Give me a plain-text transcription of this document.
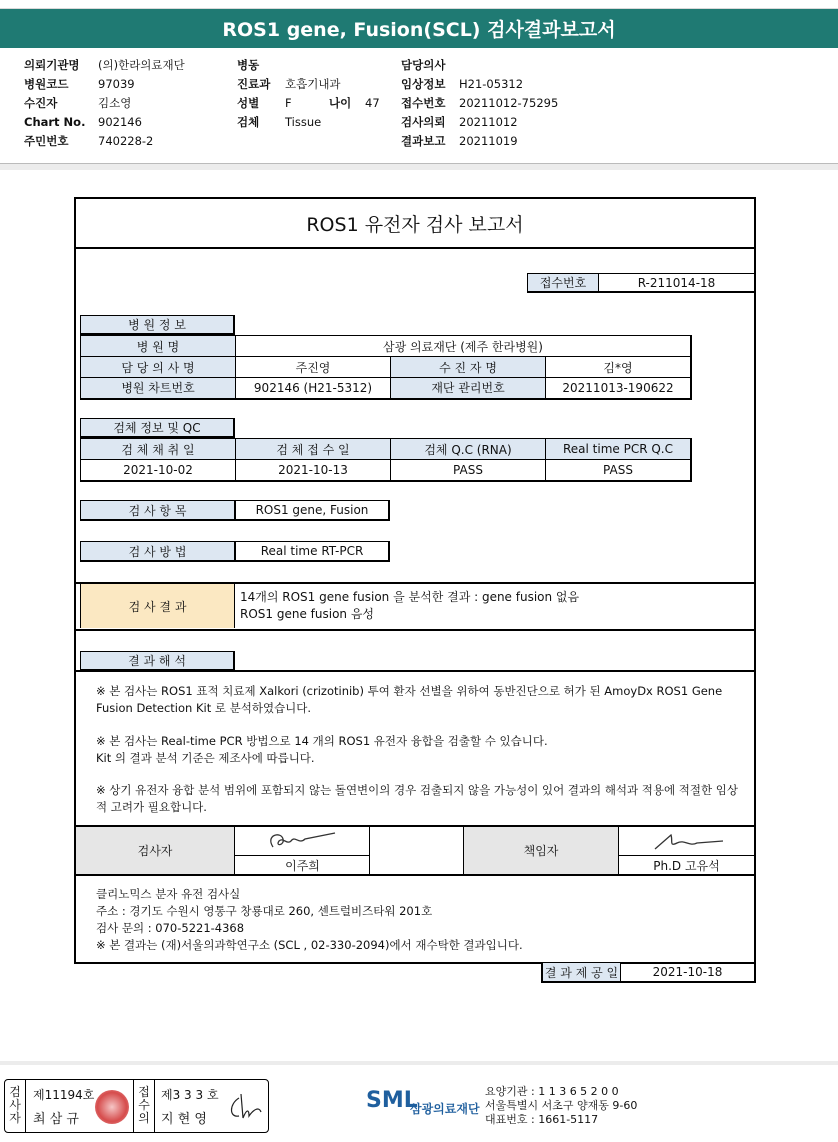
ROS1 gene, Fusion(SCL) 검사결과보고서
의뢰기관명	(의)한라의료재단
병원코드	97039
수진자	김소영
Chart No.	902146
주민번호	740228-2
병동
진료과	호흡기내과
성별	F	나이	47
검체	Tissue
담당의사
임상정보	H21-05312
접수번호	20211012-75295
검사의뢰	20211012
결과보고	20211019
ROS1 유전자 검사 보고서
접수번호	R-211014-18
병 원 정 보
병 원 명	삼광 의료재단 (제주 한라병원)		
담 당 의 사 명	주진영	수 진 자 명	김*영
병원 차트번호	902146 (H21-5312)	재단 관리번호	20211013-190622
검체 정보 및 QC
검 체 채 취 일	검 체 접 수 일	검체 Q.C (RNA)	Real time PCR Q.C
2021-10-02	2021-10-13	PASS	PASS
검 사 항 목	ROS1 gene, Fusion
검 사 방 법	Real time RT-PCR
검 사 결 과
14개의 ROS1 gene fusion 을 분석한 결과 : gene fusion 없음
ROS1 gene fusion 음성
결 과 해 석
※ 본 검사는 ROS1 표적 치료제 Xalkori (crizotinib) 투여 환자 선별을 위하여 동반진단으로 허가 된 AmoyDx ROS1 Gene
Fusion Detection Kit 로 분석하였습니다.
※ 본 검사는 Real-time PCR 방법으로 14 개의 ROS1 유전자 융합을 검출할 수 있습니다.
Kit 의 결과 분석 기준은 제조사에 따릅니다.
※ 상기 유전자 융합 분석 범위에 포함되지 않는 돌연변이의 경우 검출되지 않을 가능성이 있어 결과의 해석과 적용에 적절한 임상
적 고려가 필요합니다.
검사자
이주희
책임자
Ph.D 고유석
클리노믹스 분자 유전 검사실
주소 : 경기도 수원시 영통구 창룡대로 260, 센트럴비즈타워 201호
검사 문의 : 070-5221-4368
※ 본 결과는 (재)서울의과학연구소 (SCL , 02-330-2094)에서 재수탁한 결과입니다.
결 과 제 공 일	2021-10-18
검사자
제11194호
최 삼 규
접수의
제3 3 3 호
지 현 영
SML
삼광의료재단
요양기관 : 1 1 3 6 5 2 0 0
서울특별시 서초구 양재동 9-60
대표번호 : 1661-5117
